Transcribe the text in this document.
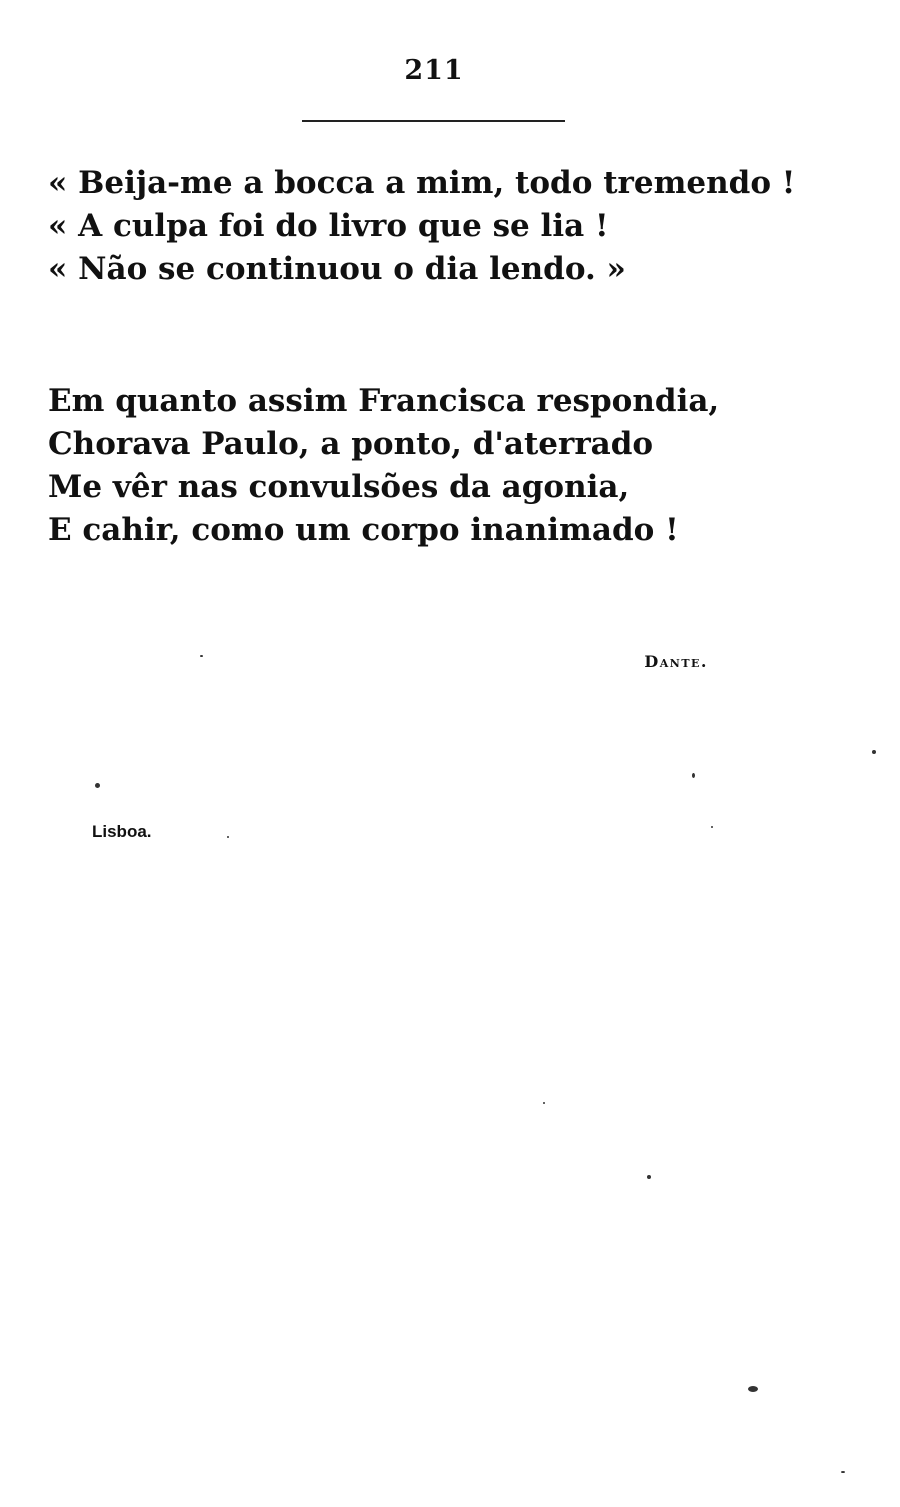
211
« Beija-me a bocca a mim, todo tremendo !
« A culpa foi do livro que se lia !
« Não se continuou o dia lendo. »
Em quanto assim Francisca respondia,
Chorava Paulo, a ponto, d'aterrado
Me vêr nas convulsões da agonia,
E cahir, como um corpo inanimado !
Dante.
Lisboa.
